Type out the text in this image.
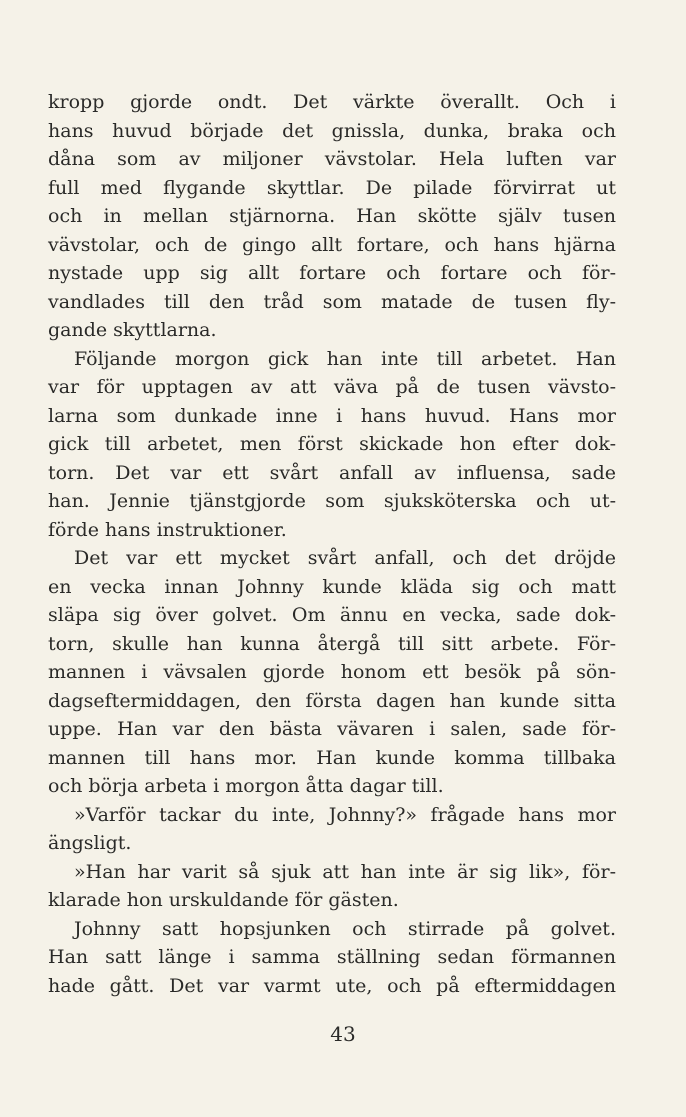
kropp gjorde ondt. Det värkte överallt. Och i
hans huvud började det gnissla, dunka, braka och
dåna som av miljoner vävstolar. Hela luften var
full med flygande skyttlar. De pilade förvirrat ut
och in mellan stjärnorna. Han skötte själv tusen
vävstolar, och de gingo allt fortare, och hans hjärna
nystade upp sig allt fortare och fortare och för-
vandlades till den tråd som matade de tusen fly-
gande skyttlarna.
Följande morgon gick han inte till arbetet. Han
var för upptagen av att väva på de tusen vävsto-
larna som dunkade inne i hans huvud. Hans mor
gick till arbetet, men först skickade hon efter dok-
torn. Det var ett svårt anfall av influensa, sade
han. Jennie tjänstgjorde som sjuksköterska och ut-
förde hans instruktioner.
Det var ett mycket svårt anfall, och det dröjde
en vecka innan Johnny kunde kläda sig och matt
släpa sig över golvet. Om ännu en vecka, sade dok-
torn, skulle han kunna återgå till sitt arbete. För-
mannen i vävsalen gjorde honom ett besök på sön-
dagseftermiddagen, den första dagen han kunde sitta
uppe. Han var den bästa vävaren i salen, sade för-
mannen till hans mor. Han kunde komma tillbaka
och börja arbeta i morgon åtta dagar till.
»Varför tackar du inte, Johnny?» frågade hans mor
ängsligt.
»Han har varit så sjuk att han inte är sig lik», för-
klarade hon urskuldande för gästen.
Johnny satt hopsjunken och stirrade på golvet.
Han satt länge i samma ställning sedan förmannen
hade gått. Det var varmt ute, och på eftermiddagen
43
